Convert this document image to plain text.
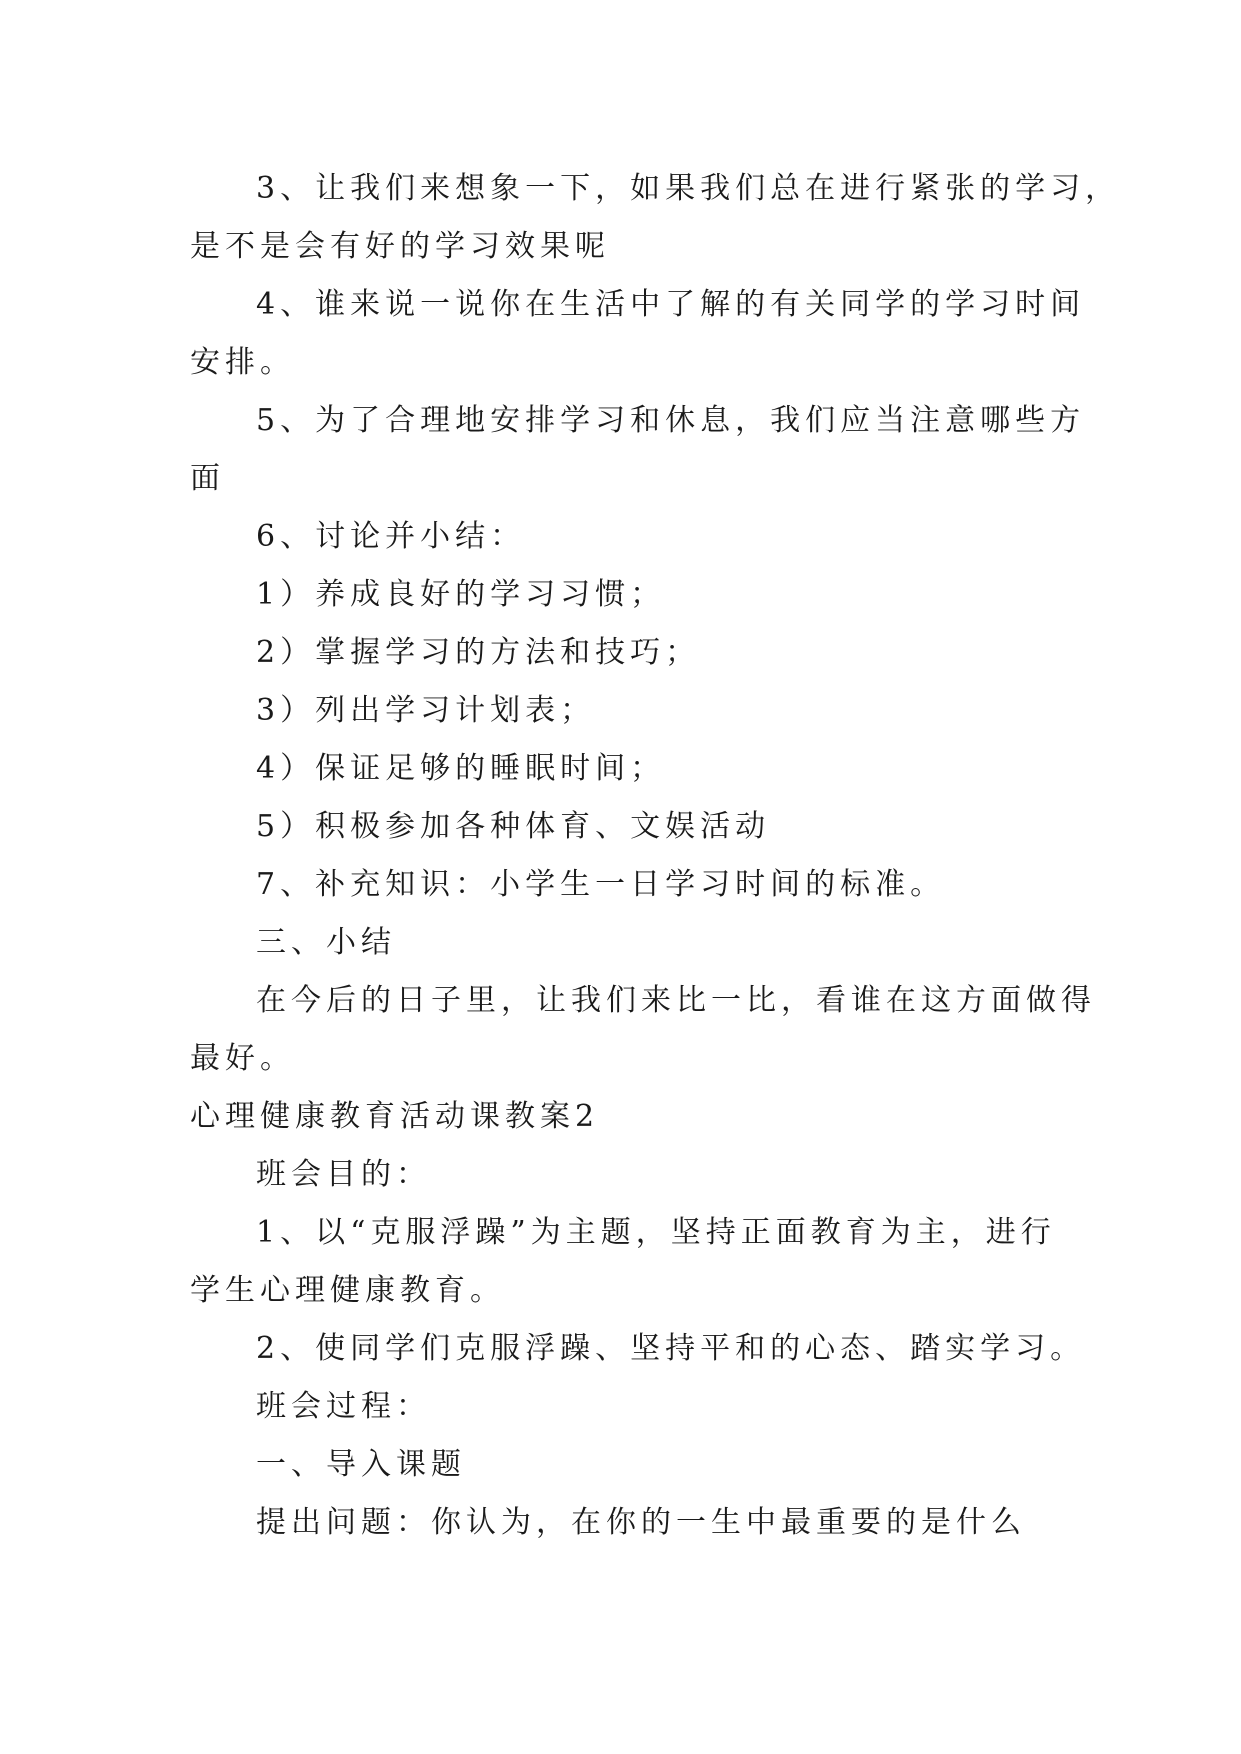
3、让我们来想象一下，如果我们总在进行紧张的学习，
是不是会有好的学习效果呢
4、谁来说一说你在生活中了解的有关同学的学习时间
安排。
5、为了合理地安排学习和休息，我们应当注意哪些方
面
6、讨论并小结：
1）养成良好的学习习惯；
2）掌握学习的方法和技巧；
3）列出学习计划表；
4）保证足够的睡眠时间；
5）积极参加各种体育、文娱活动
7、补充知识：小学生一日学习时间的标准。
三、小结
在今后的日子里，让我们来比一比，看谁在这方面做得
最好。
心理健康教育活动课教案2
班会目的：
1、以“克服浮躁”为主题，坚持正面教育为主，进行
学生心理健康教育。
2、使同学们克服浮躁、坚持平和的心态、踏实学习。
班会过程：
一、导入课题
提出问题：你认为，在你的一生中最重要的是什么
